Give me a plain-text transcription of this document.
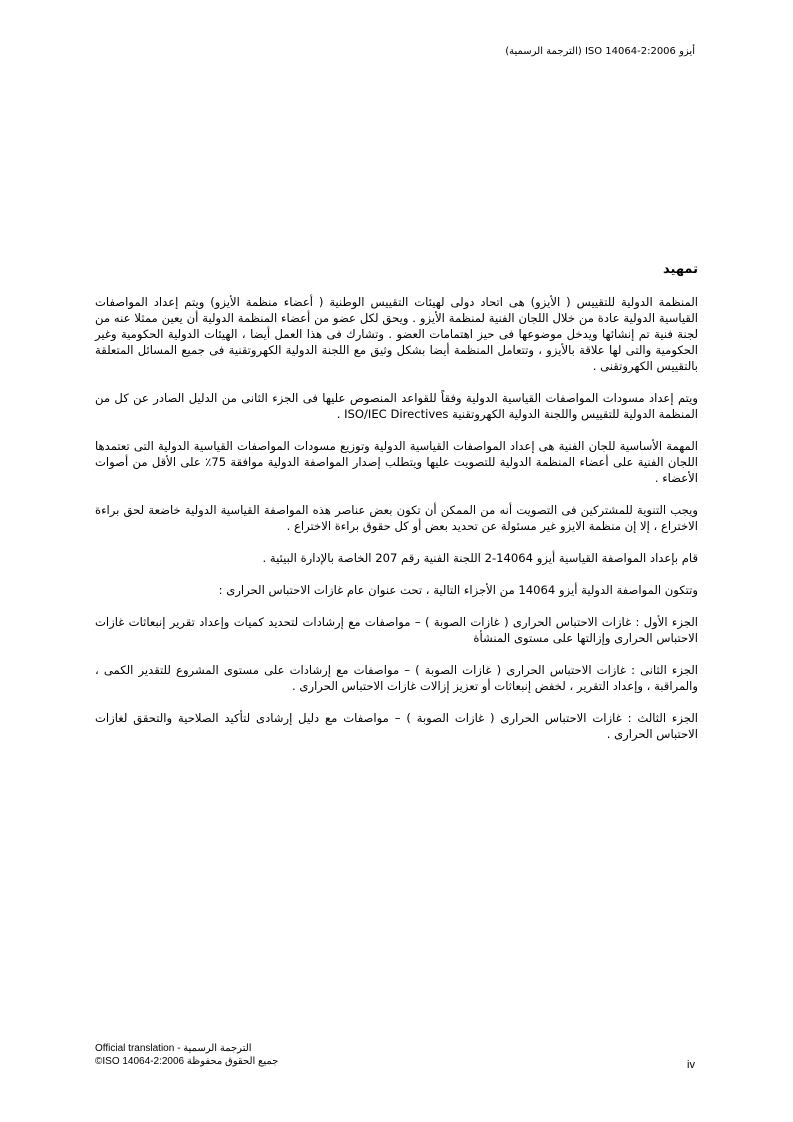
أيزو ISO 14064-2:2006 (الترجمة الرسمية)
تمهيد

المنظمة الدولية للتقييس ( الأيزو) هى اتحاد دولى لهيئات التقييس الوطنية ( أعضاء منظمة الأيزو) ويتم إعداد المواصفات القياسية الدولية عادة من خلال اللجان الفنية لمنظمة الأيزو . ويحق لكل عضو من أعضاء المنظمة الدولية أن يعين ممثلا عنه من لجنة فنية تم إنشائها ويدخل موضوعها فى حيز اهتمامات العضو . وتشارك فى هذا العمل أيضا ، الهيئات الدولية الحكومية وغير الحكومية والتى لها علاقة بالأيزو ، وتتعامل المنظمة أيضا بشكل وثيق مع اللجنة الدولية الكهروتقنية فى جميع المسائل المتعلقة بالتقييس الكهروتقنى .

ويتم إعداد مسودات المواصفات القياسية الدولية وفقاً للقواعد المنصوص عليها فى الجزء الثانى من الدليل الصادر عن كل من المنظمة الدولية للتقييس واللجنة الدولية الكهروتقنية ISO/IEC Directives .

المهمة الأساسية للجان الفنية هى إعداد المواصفات القياسية الدولية وتوزيع مسودات المواصفات القياسية الدولية التى تعتمدها اللجان الفنية على أعضاء المنظمة الدولية للتصويت عليها ويتطلب إصدار المواصفة الدولية موافقة 75٪ على الأقل من أصوات الأعضاء .

ويجب التنوية للمشتركين فى التصويت أنه من الممكن أن تكون بعض عناصر هذه المواصفة القياسية الدولية خاضعة لحق براءة الاختراع ، إلا إن منظمة الايزو غير مسئولة عن تحديد بعض أو كل حقوق براءة الاختراع .

قام بإعداد المواصفة القياسية أيزو 14064-2 اللجنة الفنية رقم 207 الخاصة بالإدارة البيئية .

وتتكون المواصفة الدولية أيزو 14064 من الأجزاء التالية ، تحت عنوان عام غازات الاحتباس الحرارى :

الجزء الأول : غازات الاحتباس الحرارى ( غازات الصوبة ) – مواصفات مع إرشادات لتحديد كميات وإعداد تقرير إنبعاثات غازات الاحتباس الحرارى وإزالتها على مستوى المنشأة

الجزء الثانى : غازات الاحتباس الحرارى ( غازات الصوبة ) – مواصفات مع إرشادات على مستوى المشروع للتقدير الكمى ، والمراقبة ، وإعداد التقرير ، لخفض إنبعاثات أو تعزيز إزالات غازات الاحتباس الحرارى .

الجزء الثالث : غازات الاحتباس الحرارى ( غازات الصوبة ) – مواصفات مع دليل إرشادى لتأكيد الصلاحية والتحقق لغازات الاحتباس الحرارى .

Official translation - الترجمة الرسمية
©ISO 14064-2:2006 جميع الحقوق محفوظة	iv
